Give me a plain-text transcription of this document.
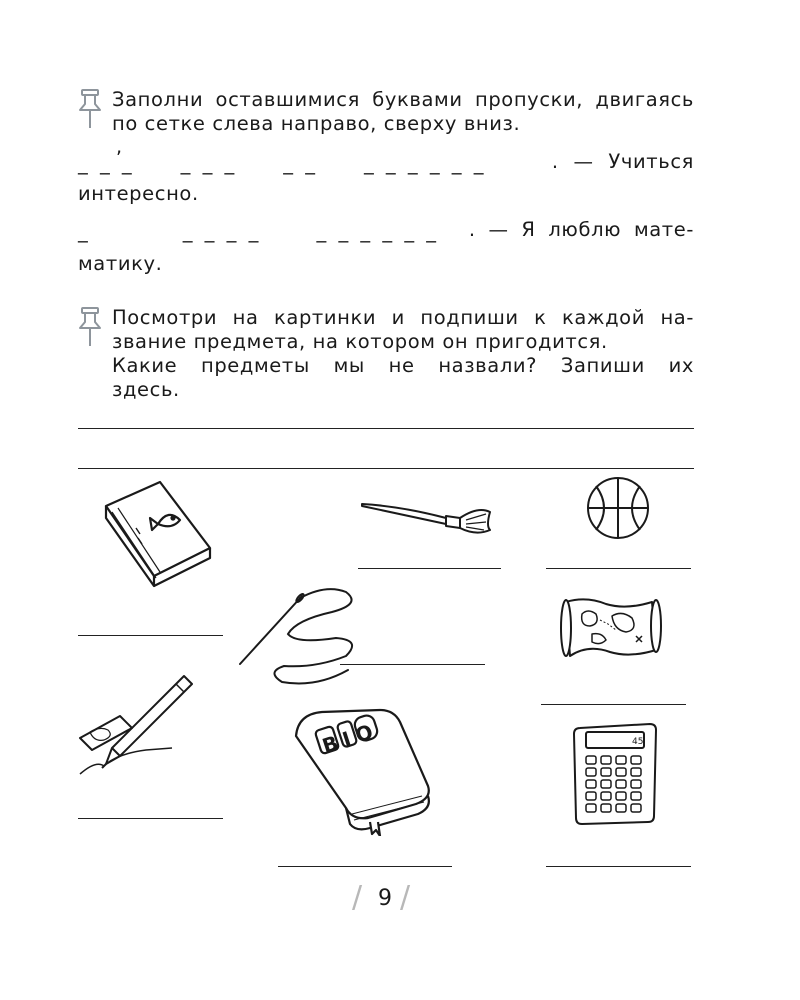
Заполни оставшимися буквами пропуски, двигаясь
по сетке слева направо, сверху вниз.
,
_ _ _     _ _ _     _ _     _ _ _ _ _ _	. — Учиться
интересно.
_          _ _ _ _      _ _ _ _ _ _	. — Я люблю мате-
матику.
Посмотри на картинки и подпиши к каждой на-
звание предмета, на котором он пригодится.
Какие предметы мы не назвали? Запиши их
здесь.
BIO	45
/ 9 /
